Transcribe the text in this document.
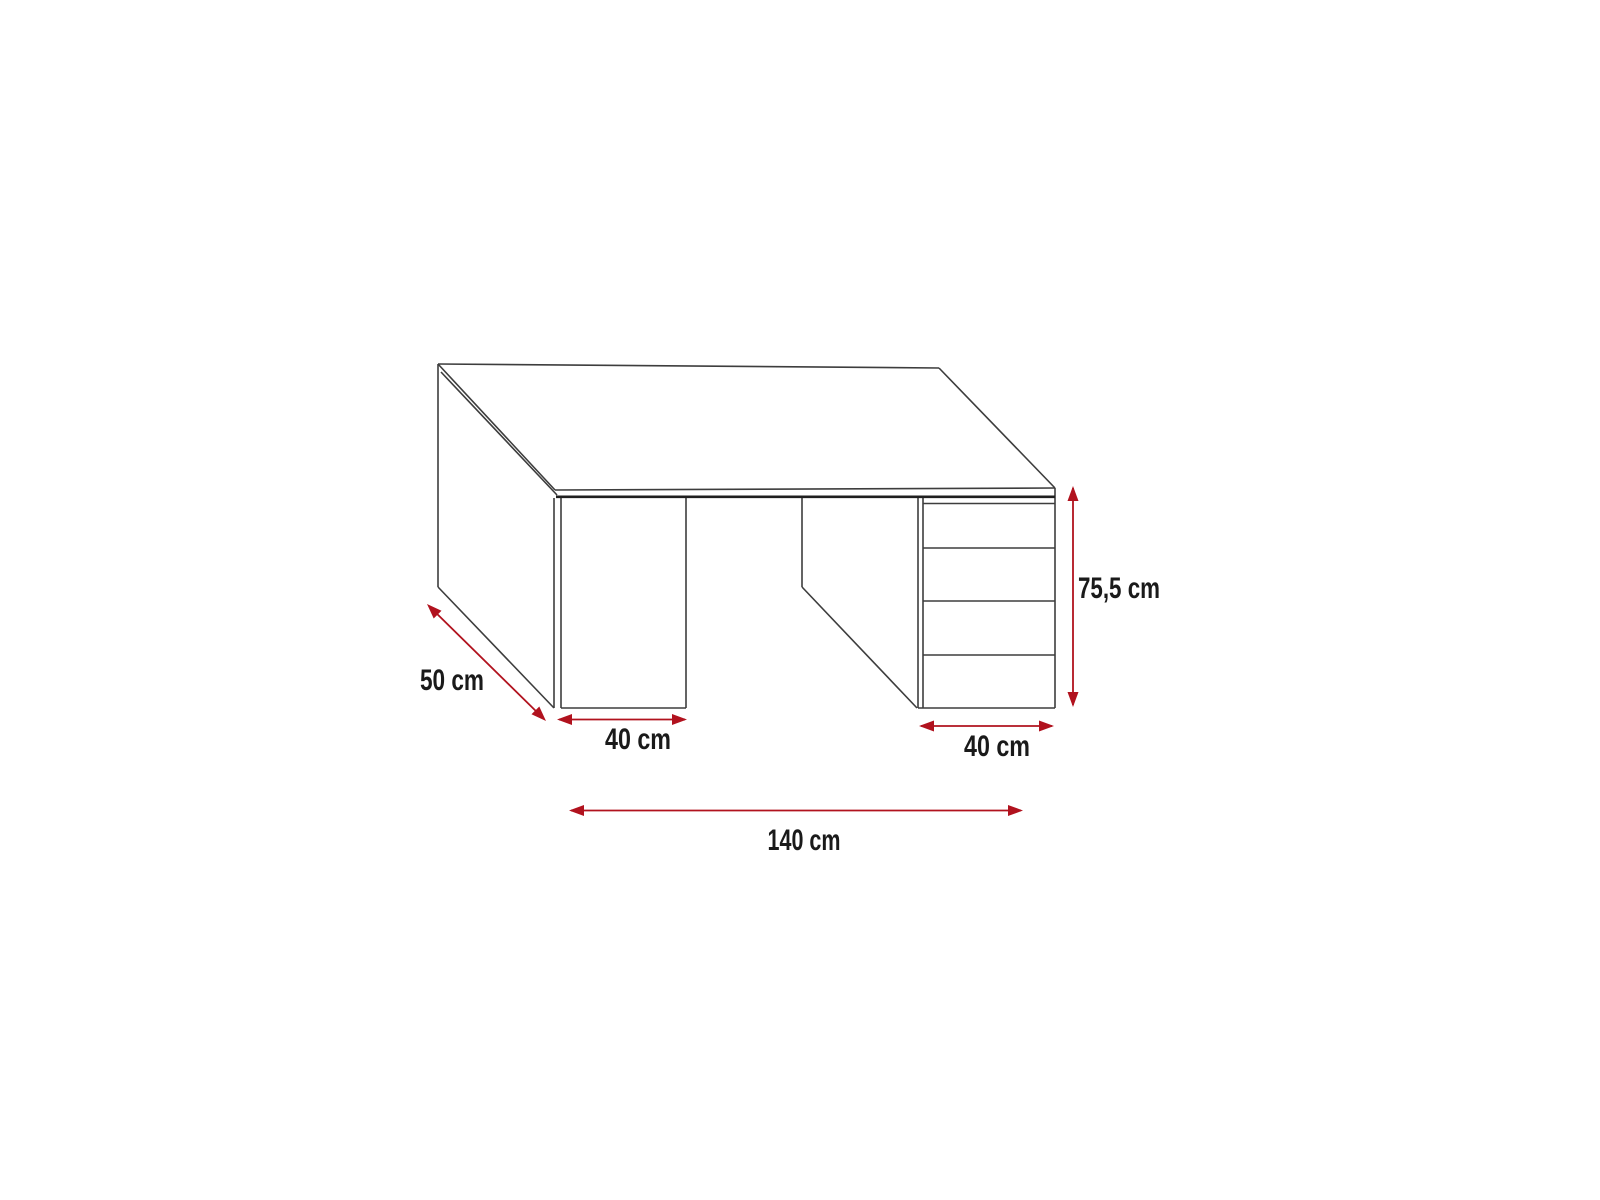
50 cm
40 cm	40 cm
75,5 cm
140 cm
